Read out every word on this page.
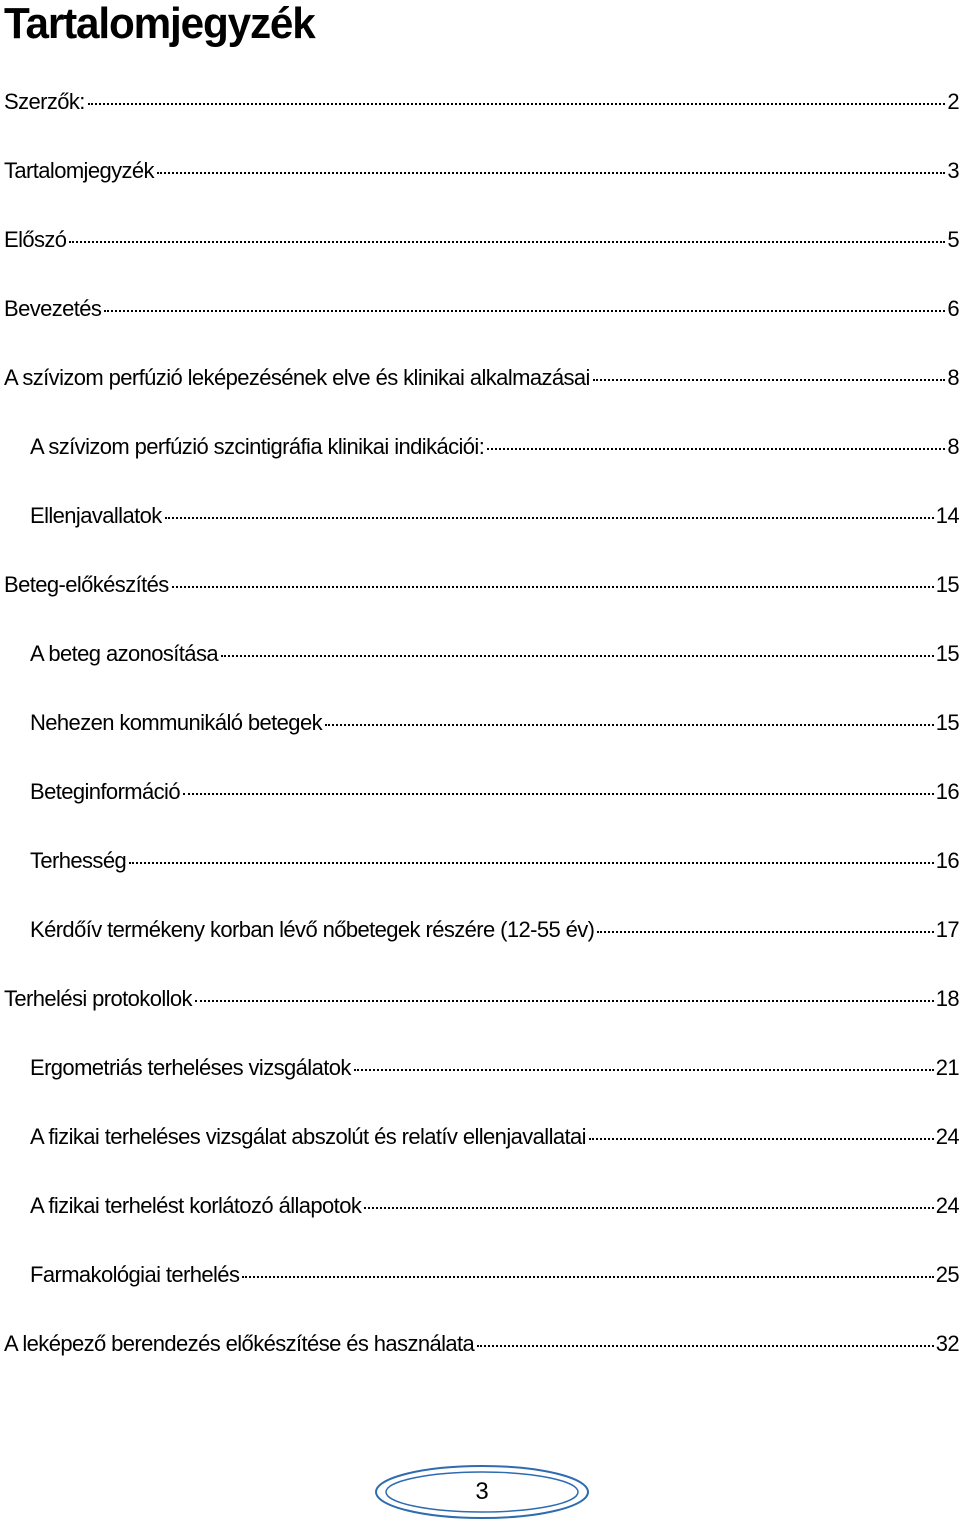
Tartalomjegyzék
Szerzők:	2
Tartalomjegyzék	3
Előszó	5
Bevezetés	6
A szívizom perfúzió leképezésének elve és klinikai alkalmazásai	8
A szívizom perfúzió szcintigráfia klinikai indikációi:	8
Ellenjavallatok	14
Beteg-előkészítés	15
A beteg azonosítása	15
Nehezen kommunikáló betegek	15
Beteginformáció	16
Terhesség	16
Kérdőív termékeny korban lévő nőbetegek részére (12-55 év)	17
Terhelési protokollok	18
Ergometriás terheléses vizsgálatok	21
A fizikai terheléses vizsgálat abszolút és relatív ellenjavallatai	24
A fizikai terhelést korlátozó állapotok	24
Farmakológiai terhelés	25
A leképező berendezés előkészítése és használata	32
3
